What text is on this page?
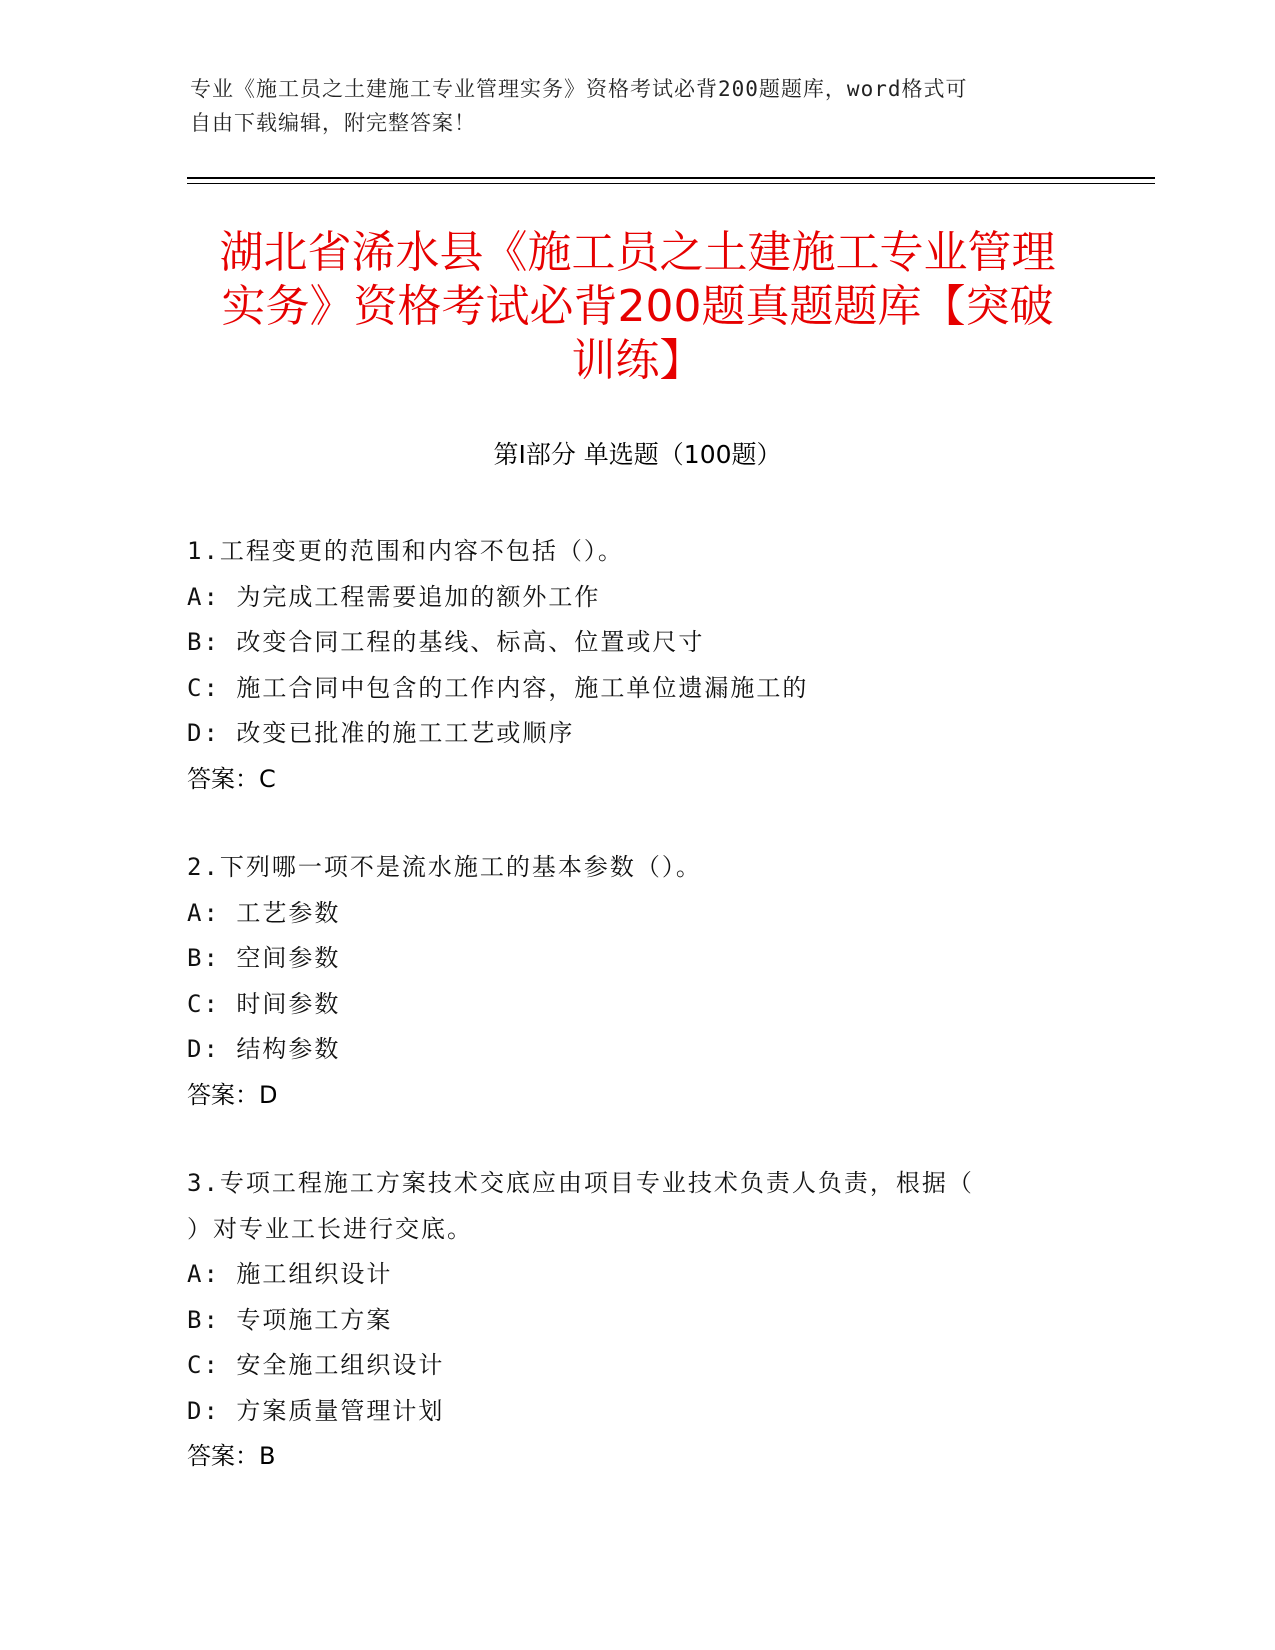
专业《施工员之土建施工专业管理实务》资格考试必背200题题库，word格式可
自由下载编辑，附完整答案！
湖北省浠水县《施工员之土建施工专业管理
实务》资格考试必背200题真题题库【突破
训练】
第Ⅰ部分 单选题（100题）

1.工程变更的范围和内容不包括（）。

A: 为完成工程需要追加的额外工作

B: 改变合同工程的基线、标高、位置或尺寸

C: 施工合同中包含的工作内容，施工单位遗漏施工的

D: 改变已批准的施工工艺或顺序

答案：C

2.下列哪一项不是流水施工的基本参数（）。

A: 工艺参数

B: 空间参数

C: 时间参数

D: 结构参数

答案：D

3.专项工程施工方案技术交底应由项目专业技术负责人负责，根据（

）对专业工长进行交底。

A: 施工组织设计

B: 专项施工方案

C: 安全施工组织设计

D: 方案质量管理计划

答案：B
